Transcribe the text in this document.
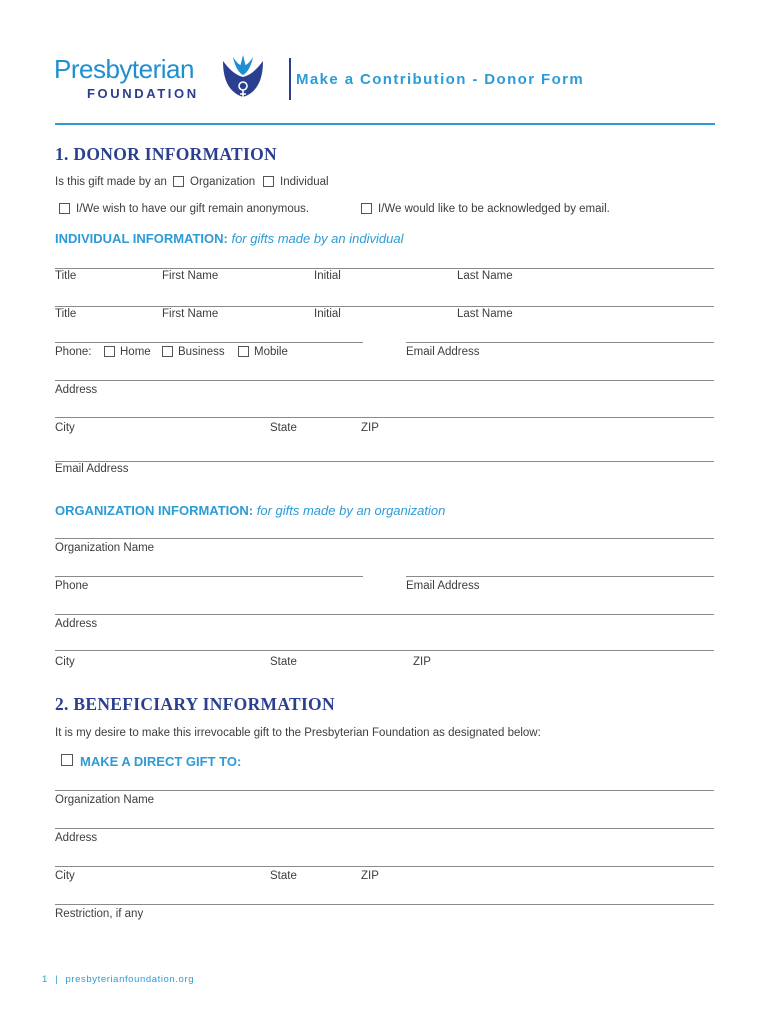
Presbyterian
FOUNDATION
Make a Contribution - Donor Form
1. DONOR INFORMATION
Is this gift made by an Organization Individual
I/We wish to have our gift remain anonymous.	I/We would like to be acknowledged by email.
INDIVIDUAL INFORMATION: for gifts made by an individual
Title	First Name	Initial	Last Name
Title	First Name	Initial	Last Name
Phone: Home Business	Mobile	Email Address
Address
City	State	ZIP
Email Address
ORGANIZATION INFORMATION: for gifts made by an organization
Organization Name
Phone	Email Address
Address
City	State	ZIP
2. BENEFICIARY INFORMATION
It is my desire to make this irrevocable gift to the Presbyterian Foundation as designated below:
MAKE A DIRECT GIFT TO:
Organization Name
Address
City	State	ZIP
Restriction, if any
1 | presbyterianfoundation.org
